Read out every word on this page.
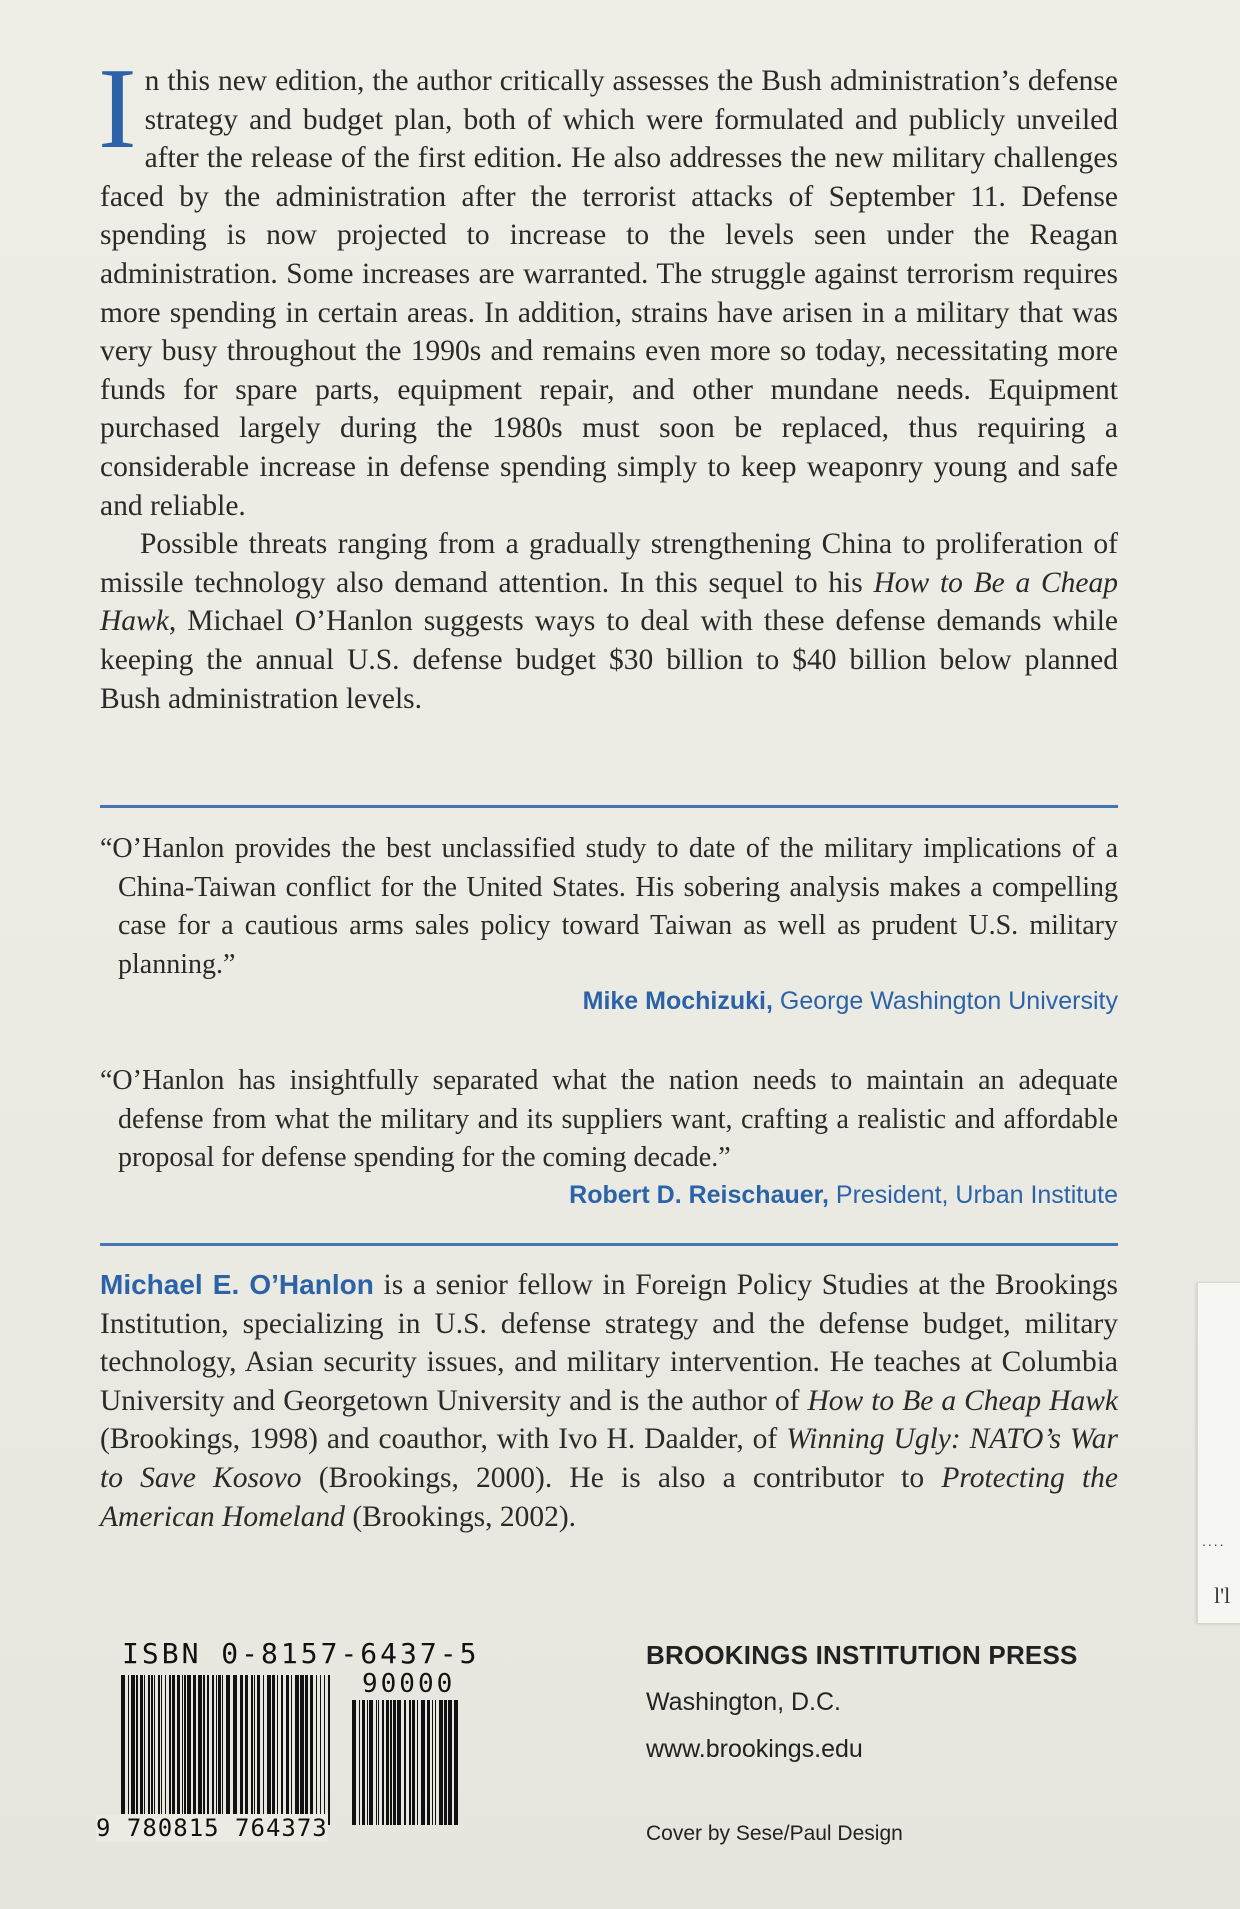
In this new edition, the author critically assesses the Bush administration’s defense strategy and budget plan, both of which were formulated and publicly unveiled after the release of the first edition. He also addresses the new military challenges faced by the administration after the terrorist attacks of September 11. Defense spending is now projected to increase to the levels seen under the Reagan administration. Some increases are warranted. The struggle against terrorism requires more spending in certain areas. In addition, strains have arisen in a military that was very busy throughout the 1990s and remains even more so today, necessitating more funds for spare parts, equipment repair, and other mundane needs. Equipment purchased largely during the 1980s must soon be replaced, thus requiring a considerable increase in defense spending simply to keep weaponry young and safe and reliable.

Possible threats ranging from a gradually strengthening China to proliferation of missile technology also demand attention. In this sequel to his How to Be a Cheap Hawk, Michael O’Hanlon suggests ways to deal with these defense demands while keeping the annual U.S. defense budget $30 billion to $40 billion below planned Bush administration levels.

“O’Hanlon provides the best unclassified study to date of the military implications of a China-Taiwan conflict for the United States. His sobering analysis makes a compelling case for a cautious arms sales policy toward Taiwan as well as prudent U.S. military planning.”
Mike Mochizuki, George Washington University
“O’Hanlon has insightfully separated what the nation needs to maintain an adequate defense from what the military and its suppliers want, crafting a realistic and affordable proposal for defense spending for the coming decade.”
Robert D. Reischauer, President, Urban Institute
Michael E. O’Hanlon is a senior fellow in Foreign Policy Studies at the Brookings Institution, specializing in U.S. defense strategy and the defense budget, military technology, Asian security issues, and military intervention. He teaches at Columbia University and Georgetown University and is the author of How to Be a Cheap Hawk (Brookings, 1998) and coauthor, with Ivo H. Daalder, of Winning Ugly: NATO’s War to Save Kosovo (Brookings, 2000). He is also a contributor to Protecting the American Homeland (Brookings, 2002).
ISBN 0-8157-6437-5
90000
9 780815 764373
BROOKINGS INSTITUTION PRESS
Washington, D.C.
www.brookings.edu
Cover by Sese/Paul Design
....
l'l
